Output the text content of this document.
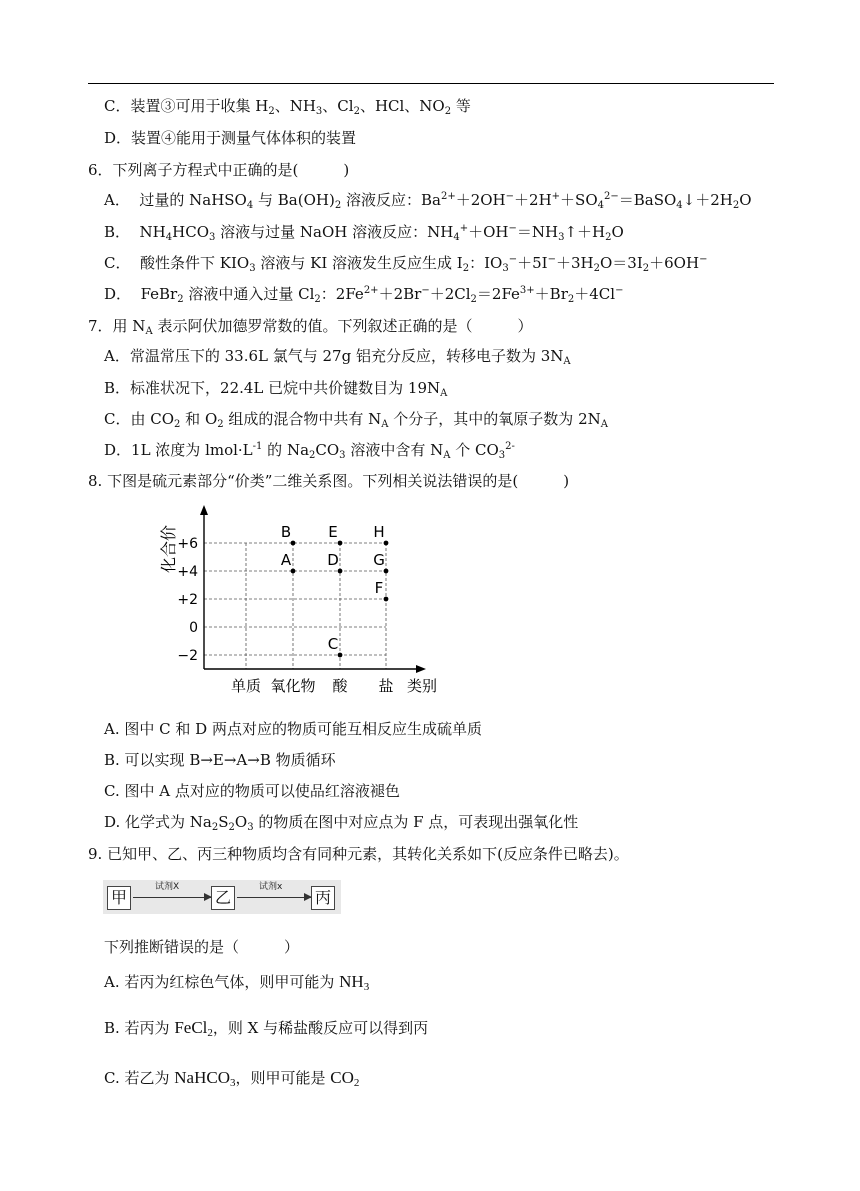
C．装置③可用于收集 $H_2$、$NH_3$、$Cl_2$、HCl、$NO_2$ 等
D．装置④能用于测量气体体积的装置
6．下列离子方程式中正确的是(　　　)
A．  过量的 NaHSO$_4$ 与 $Ba(OH)_2$ 溶液反应：$Ba^{2+}+2OH^-+2H^++SO_4^{2-}=BaSO_4↓+2H_2O$
B．  $NH_4HCO_3$ 溶液与过量 NaOH 溶液反应：$NH_4^++OH^-=NH_3↑+H_2O$
C．  酸性条件下 $KIO_3$ 溶液与 KI 溶液发生反应生成 $I_2$：$IO_3^-+5I^-+3H_2O=3I_2+6OH^-$
D．  FeBr$_2$ 溶液中通入过量 $Cl_2$：$2Fe^{2+}+2Br^-+2Cl_2=2Fe^{3+}+Br_2+4Cl^-$
7．用 $N_A$ 表示阿伏加德罗常数的值。下列叙述正确的是（　　　）
A．常温常压下的 33.6L 氯气与 27g 铝充分反应，转移电子数为 $3N_A$
B．标准状况下，22.4L 已烷中共价键数目为 $19N_A$
C．由 $CO_2$ 和 $O_2$ 组成的混合物中共有 $N_A$ 个分子，其中的氧原子数为 $2N_A$
D．1L 浓度为 $lmol\cdot L^{-1}$ 的 $Na_2CO_3$ 溶液中含有 $N_A$ 个 $CO_3^{2-}$
8. 下图是硫元素部分“价类”二维关系图。下列相关说法错误的是(　　　)
+6
+4
+2
0
−2
化合价
单质 氧化物 酸 盐 类别
B
A
E
D
C
H
G
F
A. 图中 C 和 D 两点对应的物质可能互相反应生成硫单质
B. 可以实现 B→E→A→B 物质循环
C. 图中 A 点对应的物质可以使品红溶液褪色
D. 化学式为 $Na_2S_2O_3$ 的物质在图中对应点为 F 点，可表现出强氧化性
9. 已知甲、乙、丙三种物质均含有同种元素，其转化关系如下(反应条件已略去)。
甲
试剂X
乙
试剂x
丙
下列推断错误的是（　　　）
A. 若丙为红棕色气体，则甲可能为 $NH_3$
B. 若丙为 FeCl$_2$，则 X 与稀盐酸反应可以得到丙
C. 若乙为 NaHCO$_3$，则甲可能是 $CO_2$
